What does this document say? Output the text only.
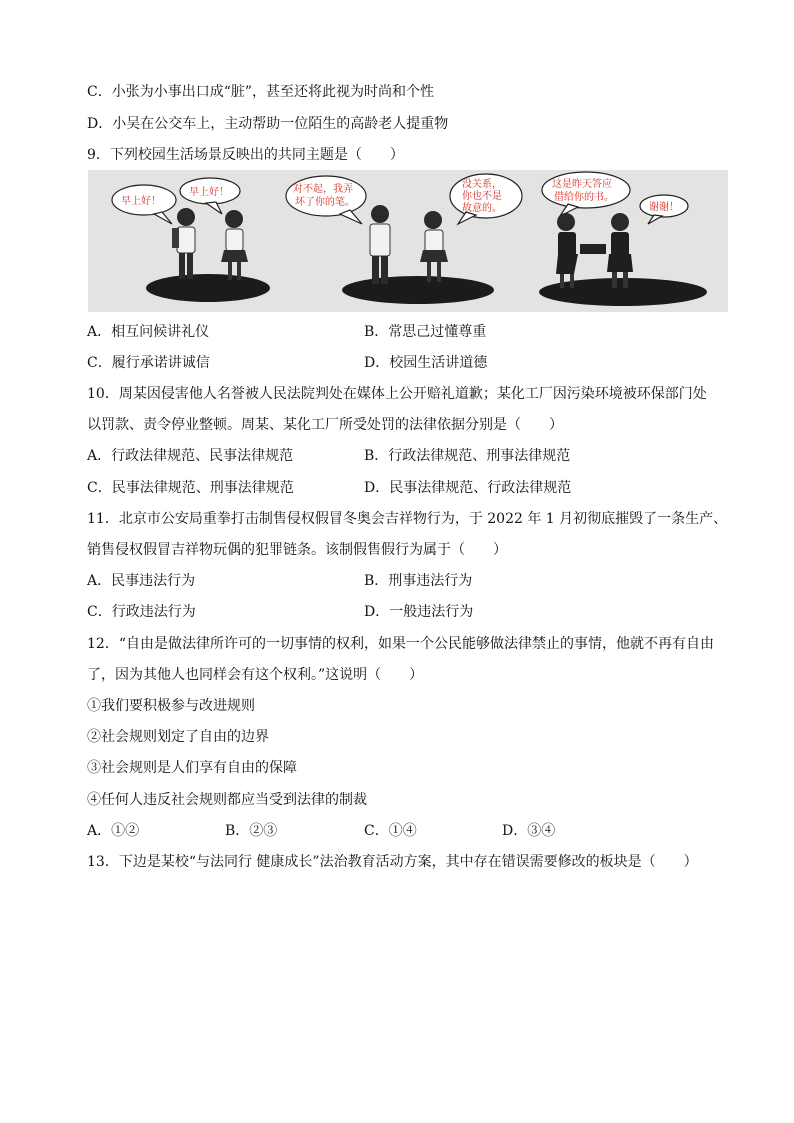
C．小张为小事出口成“脏”，甚至还将此视为时尚和个性
D．小吴在公交车上，主动帮助一位陌生的高龄老人提重物
9．下列校园生活场景反映出的共同主题是（　　）
早上好！
早上好！	对不起，我弄
坏了你的笔。
没关系，
你也不是
故意的。
这是昨天答应
借给你的书。
谢谢！
A．相互问候讲礼仪	B．常思己过懂尊重
C．履行承诺讲诚信	D．校园生活讲道德
10．周某因侵害他人名誉被人民法院判处在媒体上公开赔礼道歉；某化工厂因污染环境被环保部门处
以罚款、责令停业整顿。周某、某化工厂所受处罚的法律依据分别是（　　）
A．行政法律规范、民事法律规范	B．行政法律规范、刑事法律规范
C．民事法律规范、刑事法律规范	D．民事法律规范、行政法律规范
11．北京市公安局重拳打击制售侵权假冒冬奥会吉祥物行为，于 2022 年 1 月初彻底摧毁了一条生产、
销售侵权假冒吉祥物玩偶的犯罪链条。该制假售假行为属于（　　）
A．民事违法行为	B．刑事违法行为
C．行政违法行为	D．一般违法行为
12．“自由是做法律所许可的一切事情的权利，如果一个公民能够做法律禁止的事情，他就不再有自由
了，因为其他人也同样会有这个权利。”这说明（　　）
①我们要积极参与改进规则
②社会规则划定了自由的边界
③社会规则是人们享有自由的保障
④任何人违反社会规则都应当受到法律的制裁
A．①②	B．②③	C．①④	D．③④
13．下边是某校“与法同行 健康成长”法治教育活动方案，其中存在错误需要修改的板块是（　　）
